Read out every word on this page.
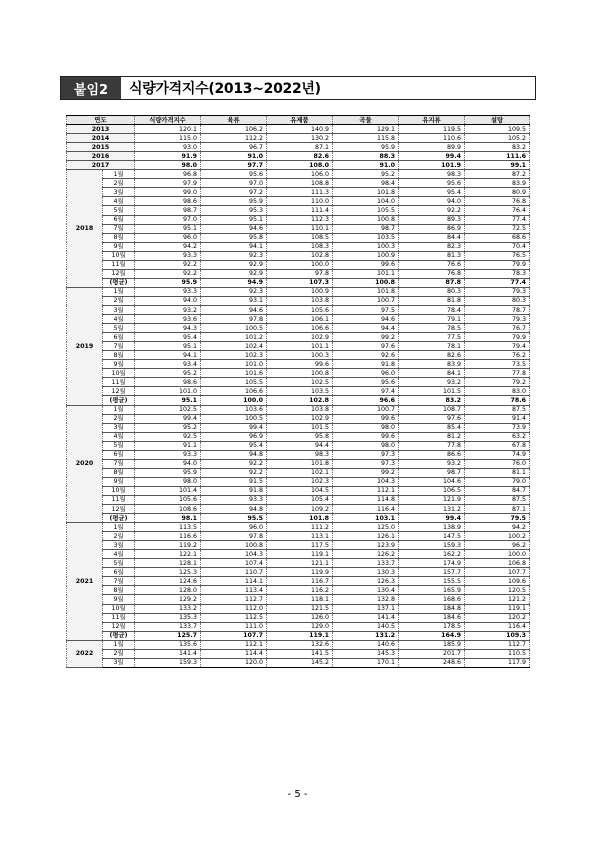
붙임2	식량가격지수(2013~2022년)
연도		식량가격지수	육류	유제품	곡물	유지류	설탕
2013		120.1	106.2	140.9	129.1	119.5	109.5
2014		115.0	112.2	130.2	115.8	110.6	105.2
2015		93.0	96.7	87.1	95.9	89.9	83.2
2016		91.9	91.0	82.6	88.3	99.4	111.6
2017		98.0	97.7	108.0	91.0	101.9	99.1
2018	1월	96.8	95.6	106.0	95.2	98.3	87.2
	2월	97.9	97.0	108.8	98.4	95.6	83.9
	3월	99.0	97.2	111.3	101.8	95.4	80.9
	4월	98.6	95.9	110.0	104.0	94.0	76.8
	5월	98.7	95.3	111.4	105.5	92.2	76.4
	6월	97.0	95.1	112.3	100.8	89.3	77.4
	7월	95.1	94.6	110.1	98.7	86.9	72.5
	8월	96.0	95.8	108.5	103.5	84.4	68.6
	9월	94.2	94.1	108.3	100.3	82.3	70.4
	10월	93.3	92.3	102.8	100.9	81.3	76.5
	11월	92.2	92.9	100.0	99.6	76.6	79.9
	12월	92.2	92.9	97.8	101.1	76.8	78.3
	(평균)	95.9	94.9	107.3	100.8	87.8	77.4
2019	1월	93.3	92.3	100.9	101.8	80.3	79.3
	2월	94.0	93.1	103.8	100.7	81.8	80.3
	3월	93.2	94.6	105.6	97.5	78.4	78.7
	4월	93.6	97.8	106.1	94.6	79.1	79.3
	5월	94.3	100.5	106.6	94.4	78.5	76.7
	6월	95.4	101.2	102.9	99.2	77.5	79.9
	7월	95.1	102.4	101.1	97.6	78.1	79.4
	8월	94.1	102.3	100.3	92.6	82.6	76.2
	9월	93.4	101.0	99.6	91.8	83.9	73.5
	10월	95.2	101.6	100.8	96.0	84.1	77.8
	11월	98.6	105.5	102.5	95.6	93.2	79.2
	12월	101.0	106.6	103.5	97.4	101.5	83.0
	(평균)	95.1	100.0	102.8	96.6	83.2	78.6
2020	1월	102.5	103.6	103.8	100.7	108.7	87.5
	2월	99.4	100.5	102.9	99.6	97.6	91.4
	3월	95.2	99.4	101.5	98.0	85.4	73.9
	4월	92.5	96.9	95.8	99.6	81.2	63.2
	5월	91.1	95.4	94.4	98.0	77.8	67.8
	6월	93.3	94.8	98.3	97.3	86.6	74.9
	7월	94.0	92.2	101.8	97.3	93.2	76.0
	8월	95.9	92.2	102.1	99.2	98.7	81.1
	9월	98.0	91.5	102.3	104.3	104.6	79.0
	10월	101.4	91.8	104.5	112.1	106.5	84.7
	11월	105.6	93.3	105.4	114.8	121.9	87.5
	12월	108.6	94.8	109.2	116.4	131.2	87.1
	(평균)	98.1	95.5	101.8	103.1	99.4	79.5
2021	1월	113.5	96.0	111.2	125.0	138.9	94.2
	2월	116.6	97.8	113.1	126.1	147.5	100.2
	3월	119.2	100.8	117.5	123.9	159.3	96.2
	4월	122.1	104.3	119.1	126.2	162.2	100.0
	5월	128.1	107.4	121.1	133.7	174.9	106.8
	6월	125.3	110.7	119.9	130.3	157.7	107.7
	7월	124.6	114.1	116.7	126.3	155.5	109.6
	8월	128.0	113.4	116.2	130.4	165.9	120.5
	9월	129.2	112.7	118.1	132.8	168.6	121.2
	10월	133.2	112.0	121.5	137.1	184.8	119.1
	11월	135.3	112.5	126.0	141.4	184.6	120.2
	12월	133.7	111.0	129.0	140.5	178.5	116.4
	(평균)	125.7	107.7	119.1	131.2	164.9	109.3
2022	1월	135.6	112.1	132.6	140.6	185.9	112.7
	2월	141.4	114.4	141.5	145.3	201.7	110.5
	3월	159.3	120.0	145.2	170.1	248.6	117.9
- 5 -
